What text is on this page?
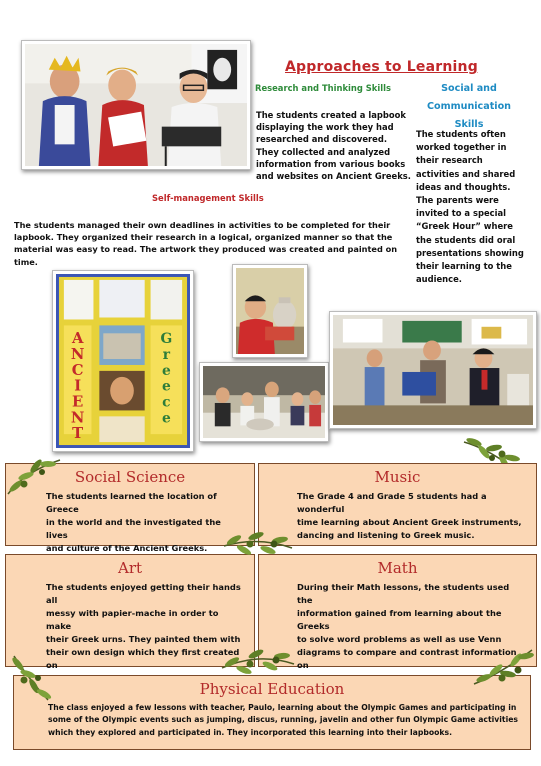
Approaches to Learning
Research and Thinking Skills
The students created a lapbook
displaying the work they had
researched and discovered.
They collected and analyzed
information from various books
and websites on Ancient Greeks.
Social and
Communication Skills
The students often
worked together in
their research
activities and shared
ideas and thoughts.
The parents were
invited to a special
“Greek Hour” where
the students did oral
presentations showing
their learning to the
audience.
Self-management Skills
The students managed their own deadlines in activities to be completed for their
lapbook. They organized their research in a logical, organized manner so that the
material was easy to read. The artwork they produced was created and painted on
time.
A
N
C
I
E
N
T
G
r
e
e
c
e
Social Science
The students learned the location of Greece
in the world and the investigated the lives
and culture of the Ancient Greeks.
Music
The Grade 4 and Grade 5 students had a wonderful
time learning about Ancient Greek instruments,
dancing and listening to Greek music.
Art
The students enjoyed getting their hands all
messy with papier-mache in order to make
their Greek urns. They painted them with
their own design which they first created on
Math
During their Math lessons, the students used the
information gained from learning about the Greeks
to solve word problems as well as use Venn
diagrams to compare and contrast information on
Physical Education
The class enjoyed a few lessons with teacher, Paulo, learning about the Olympic Games and participating in
some of the Olympic events such as jumping, discus, running, javelin and other fun Olympic Game activities
which they explored and participated in. They incorporated this learning into their lapbooks.
